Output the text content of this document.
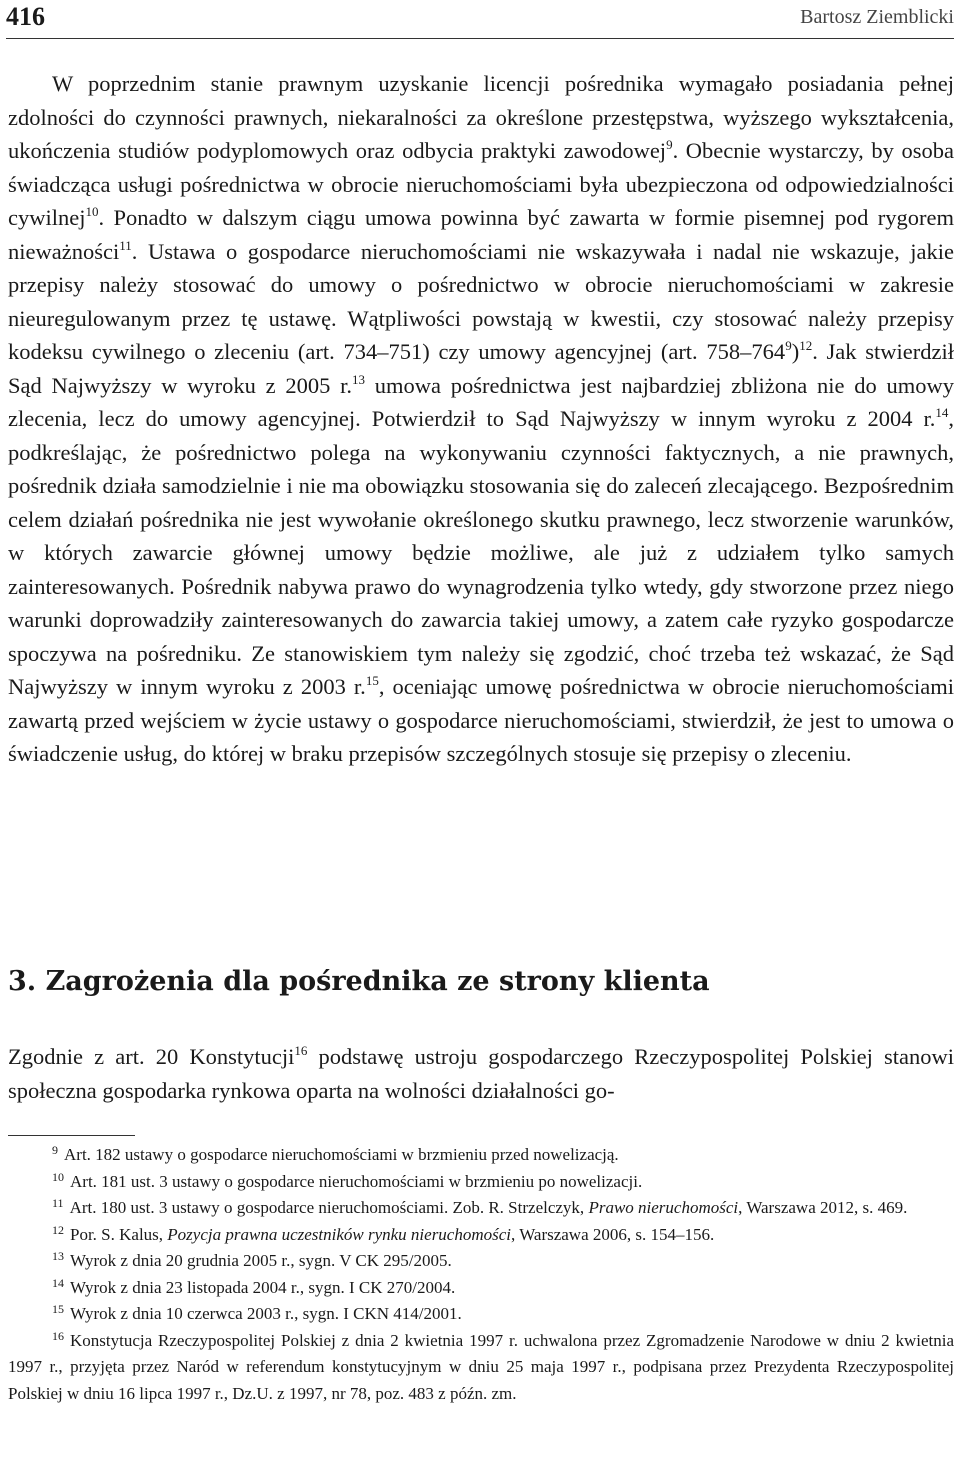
416	Bartosz Ziemblicki

W poprzednim stanie prawnym uzyskanie licencji pośrednika wymagało posiadania pełnej zdolności do czynności prawnych, niekaralności za określone przestępstwa, wyższego wykształcenia, ukończenia studiów podyplomowych oraz odbycia praktyki zawodowej$^9$. Obecnie wystarczy, by osoba świadcząca usługi pośrednictwa w obrocie nieruchomościami była ubezpieczona od odpowiedzialności cywilnej$^{10}$. Ponadto w dalszym ciągu umowa powinna być zawarta w formie pisemnej pod rygorem nieważności$^{11}$. Ustawa o gospodarce nieruchomościami nie wskazywała i nadal nie wskazuje, jakie przepisy należy stosować do umowy o pośrednictwo w obrocie nieruchomościami w zakresie nieuregulowanym przez tę ustawę. Wątpliwości powstają w kwestii, czy stosować należy przepisy kodeksu cywilnego o zleceniu (art. 734–751) czy umowy agencyjnej (art. $758-764^9)^{12}$. Jak stwierdził Sąd Najwyższy w wyroku z 2005 r.$^{13}$ umowa pośrednictwa jest najbardziej zbliżona nie do umowy zlecenia, lecz do umowy agencyjnej. Potwierdził to Sąd Najwyższy w innym wyroku z 2004 r.$^{14}$, podkreślając, że pośrednictwo polega na wykonywaniu czynności faktycznych, a nie prawnych, pośrednik działa samodzielnie i nie ma obowiązku stosowania się do zaleceń zlecającego. Bezpośrednim celem działań pośrednika nie jest wywołanie określonego skutku prawnego, lecz stworzenie warunków, w których zawarcie głównej umowy będzie możliwe, ale już z udziałem tylko samych zainteresowanych. Pośrednik nabywa prawo do wynagrodzenia tylko wtedy, gdy stworzone przez niego warunki doprowadziły zainteresowanych do zawarcia takiej umowy, a zatem całe ryzyko gospodarcze spoczywa na pośredniku. Ze stanowiskiem tym należy się zgodzić, choć trzeba też wskazać, że Sąd Najwyższy w innym wyroku z 2003 r.$^{15}$, oceniając umowę pośrednictwa w obrocie nieruchomościami zawartą przed wejściem w życie ustawy o gospodarce nieruchomościami, stwierdził, że jest to umowa o świadczenie usług, do której w braku przepisów szczególnych stosuje się przepisy o zleceniu.

3. Zagrożenia dla pośrednika ze strony klienta

Zgodnie z art. 20 Konstytucji$^{16}$ podstawę ustroju gospodarczego Rzeczypospolitej Polskiej stanowi społeczna gospodarka rynkowa oparta na wolności działalności go-

$^9$ Art. 182 ustawy o gospodarce nieruchomościami w brzmieniu przed nowelizacją.

$^{10}$ Art. 181 ust. 3 ustawy o gospodarce nieruchomościami w brzmieniu po nowelizacji.

$^{11}$ Art. 180 ust. 3 ustawy o gospodarce nieruchomościami. Zob. R. Strzelczyk, Prawo nieruchomości, Warszawa 2012, s. 469.

$^{12}$ Por. S. Kalus, Pozycja prawna uczestników rynku nieruchomości, Warszawa 2006, s. 154–156.

$^{13}$ Wyrok z dnia 20 grudnia 2005 r., sygn. V CK 295/2005.

$^{14}$ Wyrok z dnia 23 listopada 2004 r., sygn. I CK 270/2004.

$^{15}$ Wyrok z dnia 10 czerwca 2003 r., sygn. I CKN 414/2001.

$^{16}$ Konstytucja Rzeczypospolitej Polskiej z dnia 2 kwietnia 1997 r. uchwalona przez Zgromadzenie Narodowe w dniu 2 kwietnia 1997 r., przyjęta przez Naród w referendum konstytucyjnym w dniu 25 maja 1997 r., podpisana przez Prezydenta Rzeczypospolitej Polskiej w dniu 16 lipca 1997 r., Dz.U. z 1997, nr 78, poz. 483 z późn. zm.
